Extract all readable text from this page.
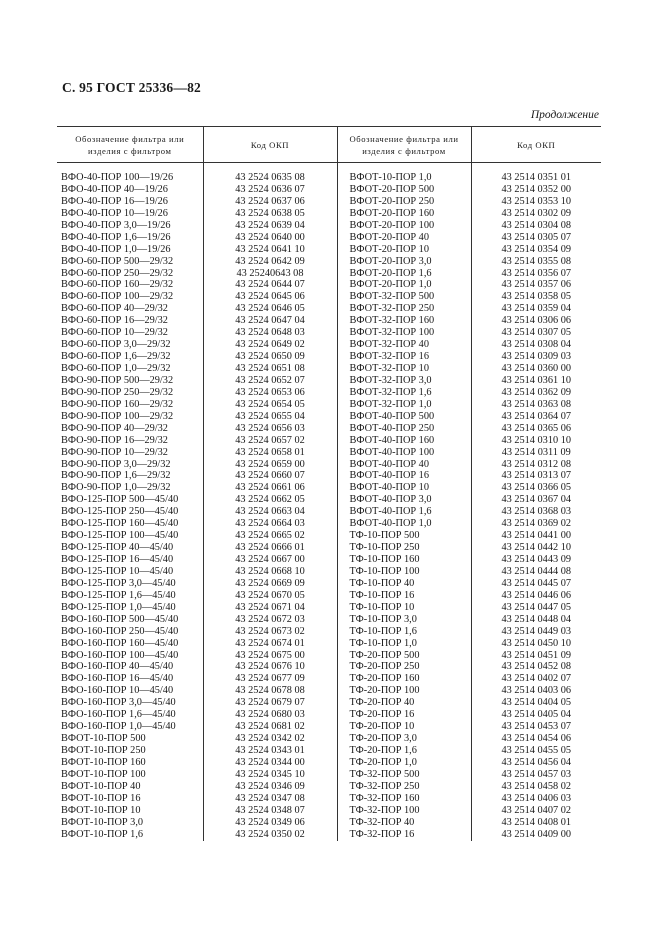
С. 95 ГОСТ 25336—82
Продолжение
Обозначение фильтра или изделия с фильтром	Код ОКП	Обозначение фильтра или изделия с фильтром	Код ОКП

ВФО-40-ПОР 100—19/26	43 2524 0635 08	ВФОТ-10-ПОР 1,0	43 2514 0351 01
ВФО-40-ПОР 40—19/26	43 2524 0636 07	ВФОТ-20-ПОР 500	43 2514 0352 00
ВФО-40-ПОР 16—19/26	43 2524 0637 06	ВФОТ-20-ПОР 250	43 2514 0353 10
ВФО-40-ПОР 10—19/26	43 2524 0638 05	ВФОТ-20-ПОР 160	43 2514 0302 09
ВФО-40-ПОР 3,0—19/26	43 2524 0639 04	ВФОТ-20-ПОР 100	43 2514 0304 08
ВФО-40-ПОР 1,6—19/26	43 2524 0640 00	ВФОТ-20-ПОР 40	43 2514 0305 07
ВФО-40-ПОР 1,0—19/26	43 2524 0641 10	ВФОТ-20-ПОР 10	43 2514 0354 09
ВФО-60-ПОР 500—29/32	43 2524 0642 09	ВФОТ-20-ПОР 3,0	43 2514 0355 08
ВФО-60-ПОР 250—29/32	43 25240643 08	ВФОТ-20-ПОР 1,6	43 2514 0356 07
ВФО-60-ПОР 160—29/32	43 2524 0644 07	ВФОТ-20-ПОР 1,0	43 2514 0357 06
ВФО-60-ПОР 100—29/32	43 2524 0645 06	ВФОТ-32-ПОР 500	43 2514 0358 05
ВФО-60-ПОР 40—29/32	43 2524 0646 05	ВФОТ-32-ПОР 250	43 2514 0359 04
ВФО-60-ПОР 16—29/32	43 2524 0647 04	ВФОТ-32-ПОР 160	43 2514 0306 06
ВФО-60-ПОР 10—29/32	43 2524 0648 03	ВФОТ-32-ПОР 100	43 2514 0307 05
ВФО-60-ПОР 3,0—29/32	43 2524 0649 02	ВФОТ-32-ПОР 40	43 2514 0308 04
ВФО-60-ПОР 1,6—29/32	43 2524 0650 09	ВФОТ-32-ПОР 16	43 2514 0309 03
ВФО-60-ПОР 1,0—29/32	43 2524 0651 08	ВФОТ-32-ПОР 10	43 2514 0360 00
ВФО-90-ПОР 500—29/32	43 2524 0652 07	ВФОТ-32-ПОР 3,0	43 2514 0361 10
ВФО-90-ПОР 250—29/32	43 2524 0653 06	ВФОТ-32-ПОР 1,6	43 2514 0362 09
ВФО-90-ПОР 160—29/32	43 2524 0654 05	ВФОТ-32-ПОР 1,0	43 2514 0363 08
ВФО-90-ПОР 100—29/32	43 2524 0655 04	ВФОТ-40-ПОР 500	43 2514 0364 07
ВФО-90-ПОР 40—29/32	43 2524 0656 03	ВФОТ-40-ПОР 250	43 2514 0365 06
ВФО-90-ПОР 16—29/32	43 2524 0657 02	ВФОТ-40-ПОР 160	43 2514 0310 10
ВФО-90-ПОР 10—29/32	43 2524 0658 01	ВФОТ-40-ПОР 100	43 2514 0311 09
ВФО-90-ПОР 3,0—29/32	43 2524 0659 00	ВФОТ-40-ПОР 40	43 2514 0312 08
ВФО-90-ПОР 1,6—29/32	43 2524 0660 07	ВФОТ-40-ПОР 16	43 2514 0313 07
ВФО-90-ПОР 1,0—29/32	43 2524 0661 06	ВФОТ-40-ПОР 10	43 2514 0366 05
ВФО-125-ПОР 500—45/40	43 2524 0662 05	ВФОТ-40-ПОР 3,0	43 2514 0367 04
ВФО-125-ПОР 250—45/40	43 2524 0663 04	ВФОТ-40-ПОР 1,6	43 2514 0368 03
ВФО-125-ПОР 160—45/40	43 2524 0664 03	ВФОТ-40-ПОР 1,0	43 2514 0369 02
ВФО-125-ПОР 100—45/40	43 2524 0665 02	ТФ-10-ПОР 500	43 2514 0441 00
ВФО-125-ПОР 40—45/40	43 2524 0666 01	ТФ-10-ПОР 250	43 2514 0442 10
ВФО-125-ПОР 16—45/40	43 2524 0667 00	ТФ-10-ПОР 160	43 2514 0443 09
ВФО-125-ПОР 10—45/40	43 2524 0668 10	ТФ-10-ПОР 100	43 2514 0444 08
ВФО-125-ПОР 3,0—45/40	43 2524 0669 09	ТФ-10-ПОР 40	43 2514 0445 07
ВФО-125-ПОР 1,6—45/40	43 2524 0670 05	ТФ-10-ПОР 16	43 2514 0446 06
ВФО-125-ПОР 1,0—45/40	43 2524 0671 04	ТФ-10-ПОР 10	43 2514 0447 05
ВФО-160-ПОР 500—45/40	43 2524 0672 03	ТФ-10-ПОР 3,0	43 2514 0448 04
ВФО-160-ПОР 250—45/40	43 2524 0673 02	ТФ-10-ПОР 1,6	43 2514 0449 03
ВФО-160-ПОР 160—45/40	43 2524 0674 01	ТФ-10-ПОР 1,0	43 2514 0450 10
ВФО-160-ПОР 100—45/40	43 2524 0675 00	ТФ-20-ПОР 500	43 2514 0451 09
ВФО-160-ПОР 40—45/40	43 2524 0676 10	ТФ-20-ПОР 250	43 2514 0452 08
ВФО-160-ПОР 16—45/40	43 2524 0677 09	ТФ-20-ПОР 160	43 2514 0402 07
ВФО-160-ПОР 10—45/40	43 2524 0678 08	ТФ-20-ПОР 100	43 2514 0403 06
ВФО-160-ПОР 3,0—45/40	43 2524 0679 07	ТФ-20-ПОР 40	43 2514 0404 05
ВФО-160-ПОР 1,6—45/40	43 2524 0680 03	ТФ-20-ПОР 16	43 2514 0405 04
ВФО-160-ПОР 1,0—45/40	43 2524 0681 02	ТФ-20-ПОР 10	43 2514 0453 07
ВФОТ-10-ПОР 500	43 2524 0342 02	ТФ-20-ПОР 3,0	43 2514 0454 06
ВФОТ-10-ПОР 250	43 2524 0343 01	ТФ-20-ПОР 1,6	43 2514 0455 05
ВФОТ-10-ПОР 160	43 2524 0344 00	ТФ-20-ПОР 1,0	43 2514 0456 04
ВФОТ-10-ПОР 100	43 2524 0345 10	ТФ-32-ПОР 500	43 2514 0457 03
ВФОТ-10-ПОР 40	43 2524 0346 09	ТФ-32-ПОР 250	43 2514 0458 02
ВФОТ-10-ПОР 16	43 2524 0347 08	ТФ-32-ПОР 160	43 2514 0406 03
ВФОТ-10-ПОР 10	43 2524 0348 07	ТФ-32-ПОР 100	43 2514 0407 02
ВФОТ-10-ПОР 3,0	43 2524 0349 06	ТФ-32-ПОР 40	43 2514 0408 01
ВФОТ-10-ПОР 1,6	43 2524 0350 02	ТФ-32-ПОР 16	43 2514 0409 00
